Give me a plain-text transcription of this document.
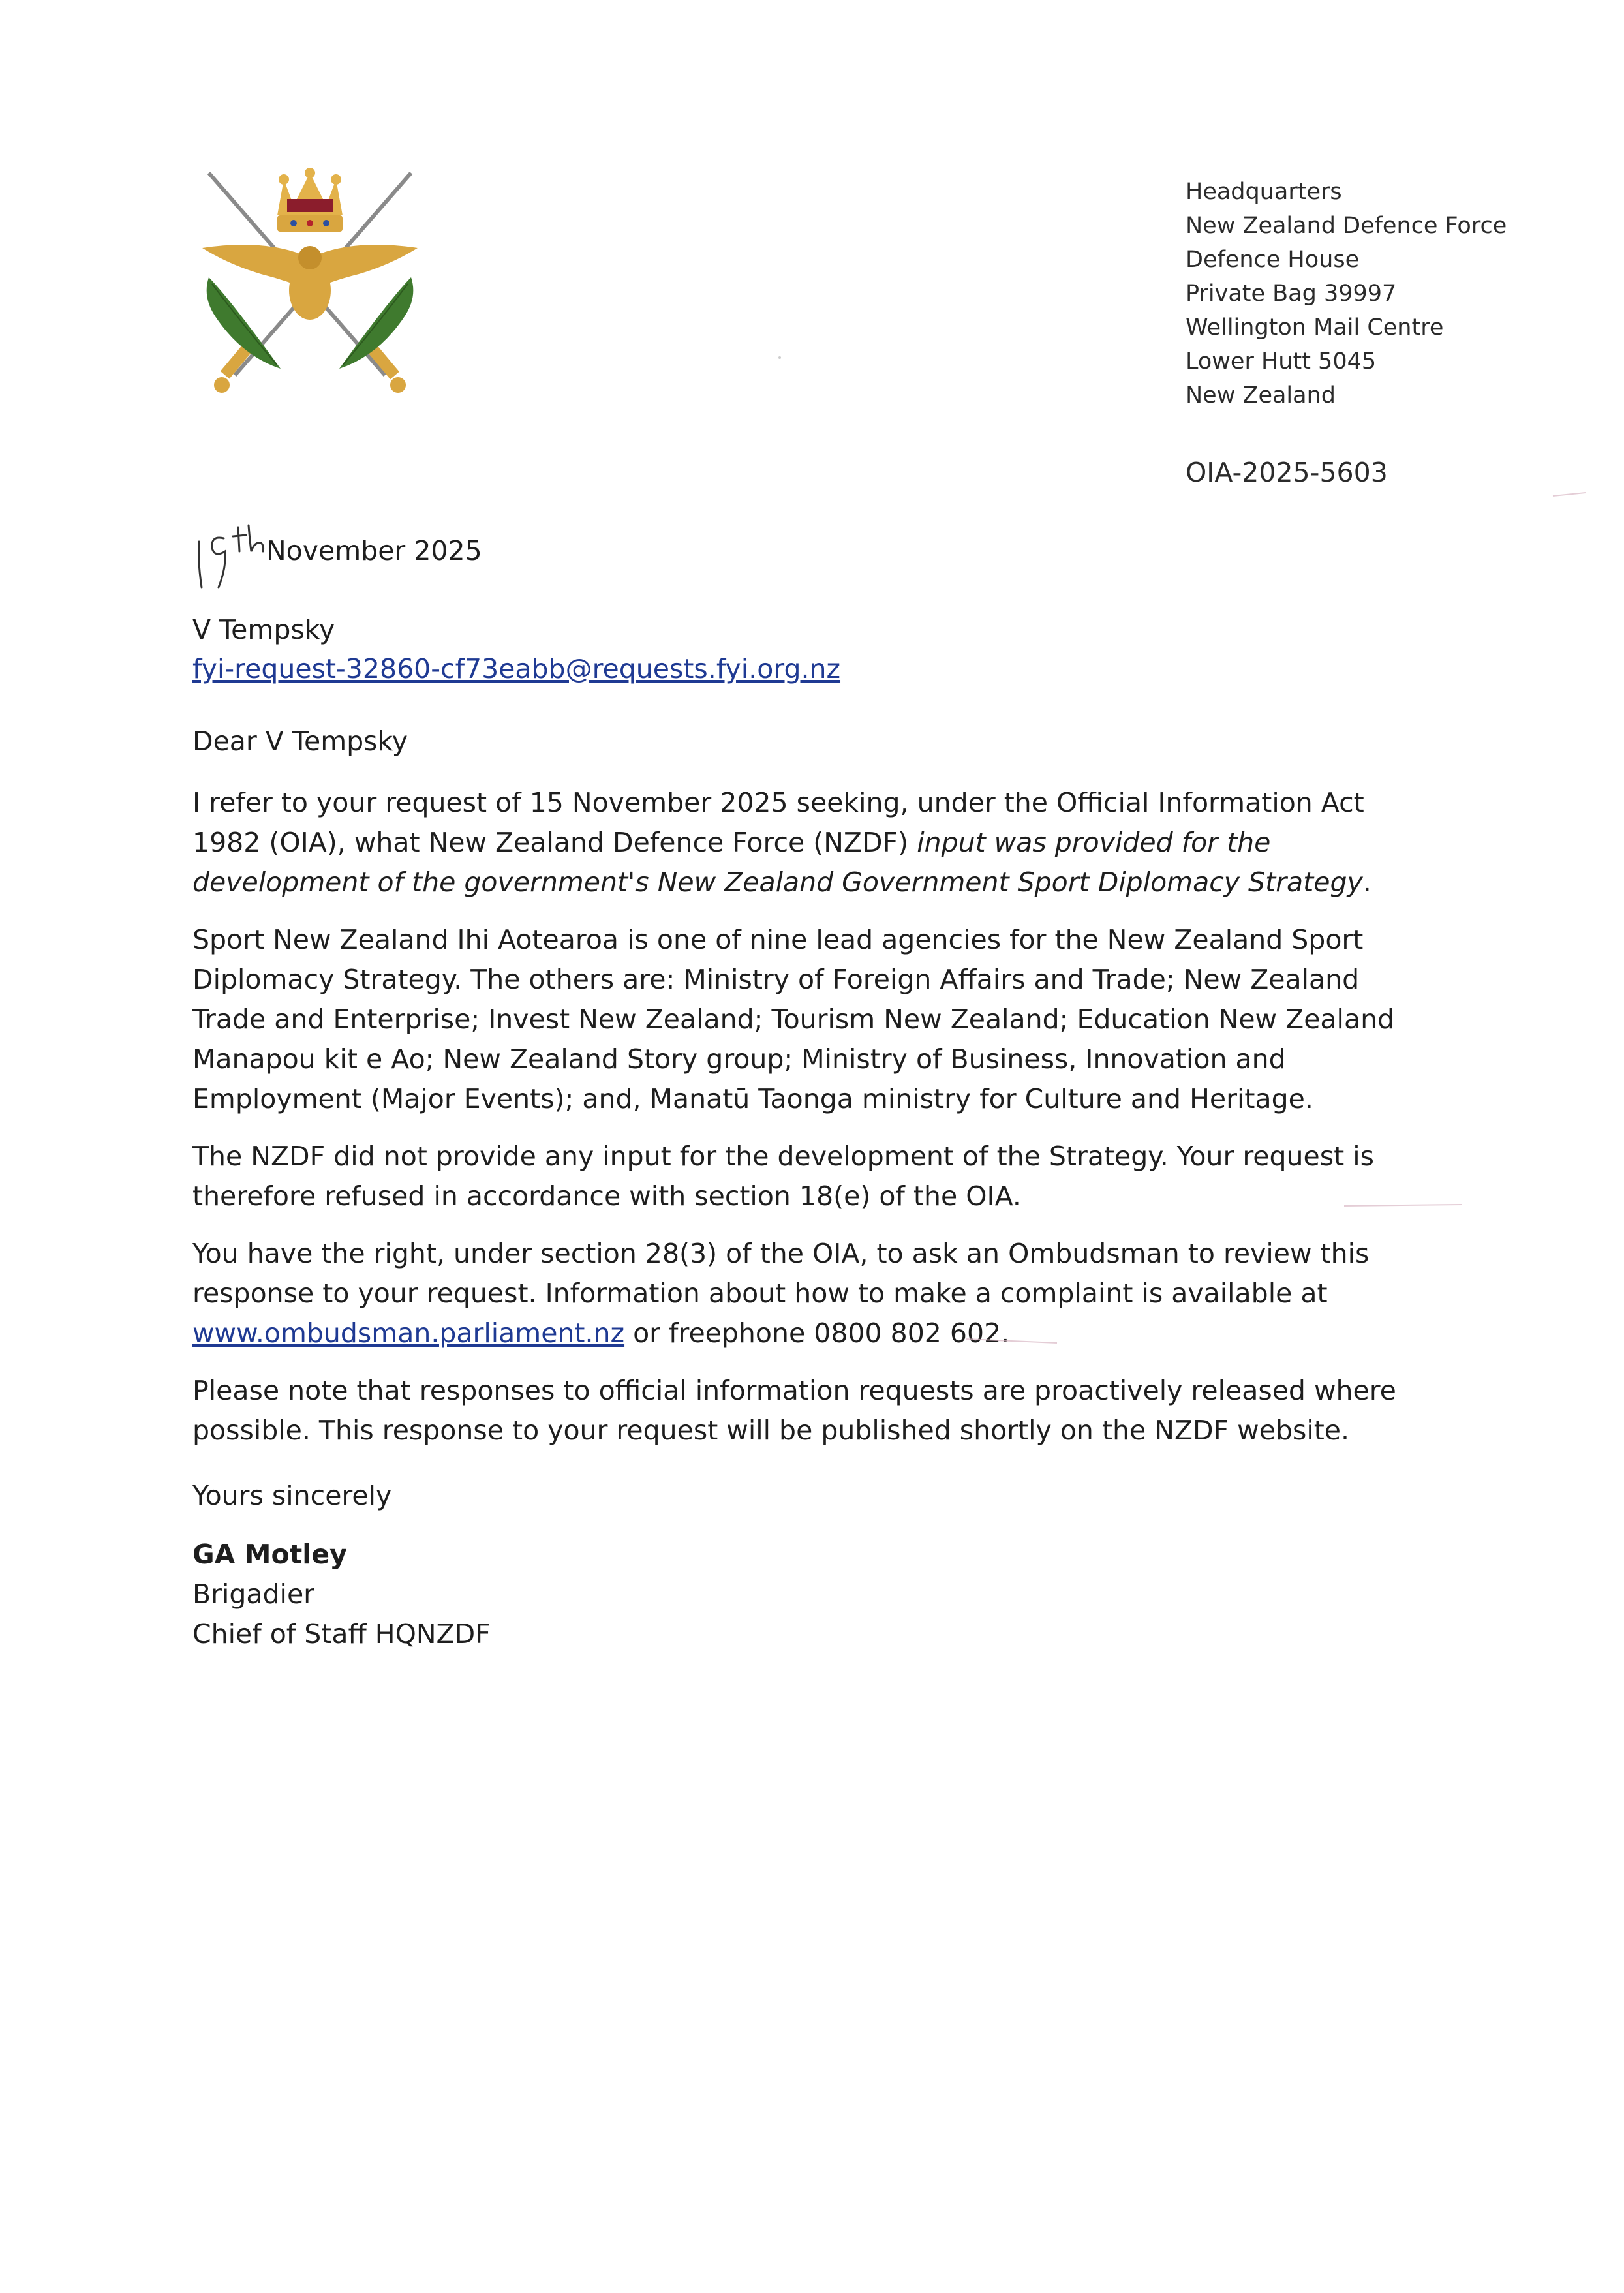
Headquarters
New Zealand Defence Force
Defence House
Private Bag 39997
Wellington Mail Centre
Lower Hutt 5045
New Zealand
OIA-2025-5603
November 2025
V Tempsky
fyi-request-32860-cf73eabb@requests.fyi.org.nz
Dear V Tempsky

I refer to your request of 15 November 2025 seeking, under the Official Information Act

1982 (OIA), what New Zealand Defence Force (NZDF) input was provided for the

development of the government's New Zealand Government Sport Diplomacy Strategy.

Sport New Zealand Ihi Aotearoa is one of nine lead agencies for the New Zealand Sport

Diplomacy Strategy. The others are: Ministry of Foreign Affairs and Trade; New Zealand

Trade and Enterprise; Invest New Zealand; Tourism New Zealand; Education New Zealand

Manapou kit e Ao; New Zealand Story group; Ministry of Business, Innovation and

Employment (Major Events); and, Manatū Taonga ministry for Culture and Heritage.

The NZDF did not provide any input for the development of the Strategy. Your request is

therefore refused in accordance with section 18(e) of the OIA.

You have the right, under section 28(3) of the OIA, to ask an Ombudsman to review this

response to your request. Information about how to make a complaint is available at

www.ombudsman.parliament.nz or freephone 0800 802 602.

Please note that responses to official information requests are proactively released where

possible. This response to your request will be published shortly on the NZDF website.

Yours sincerely
GA Motley
Brigadier
Chief of Staff HQNZDF
